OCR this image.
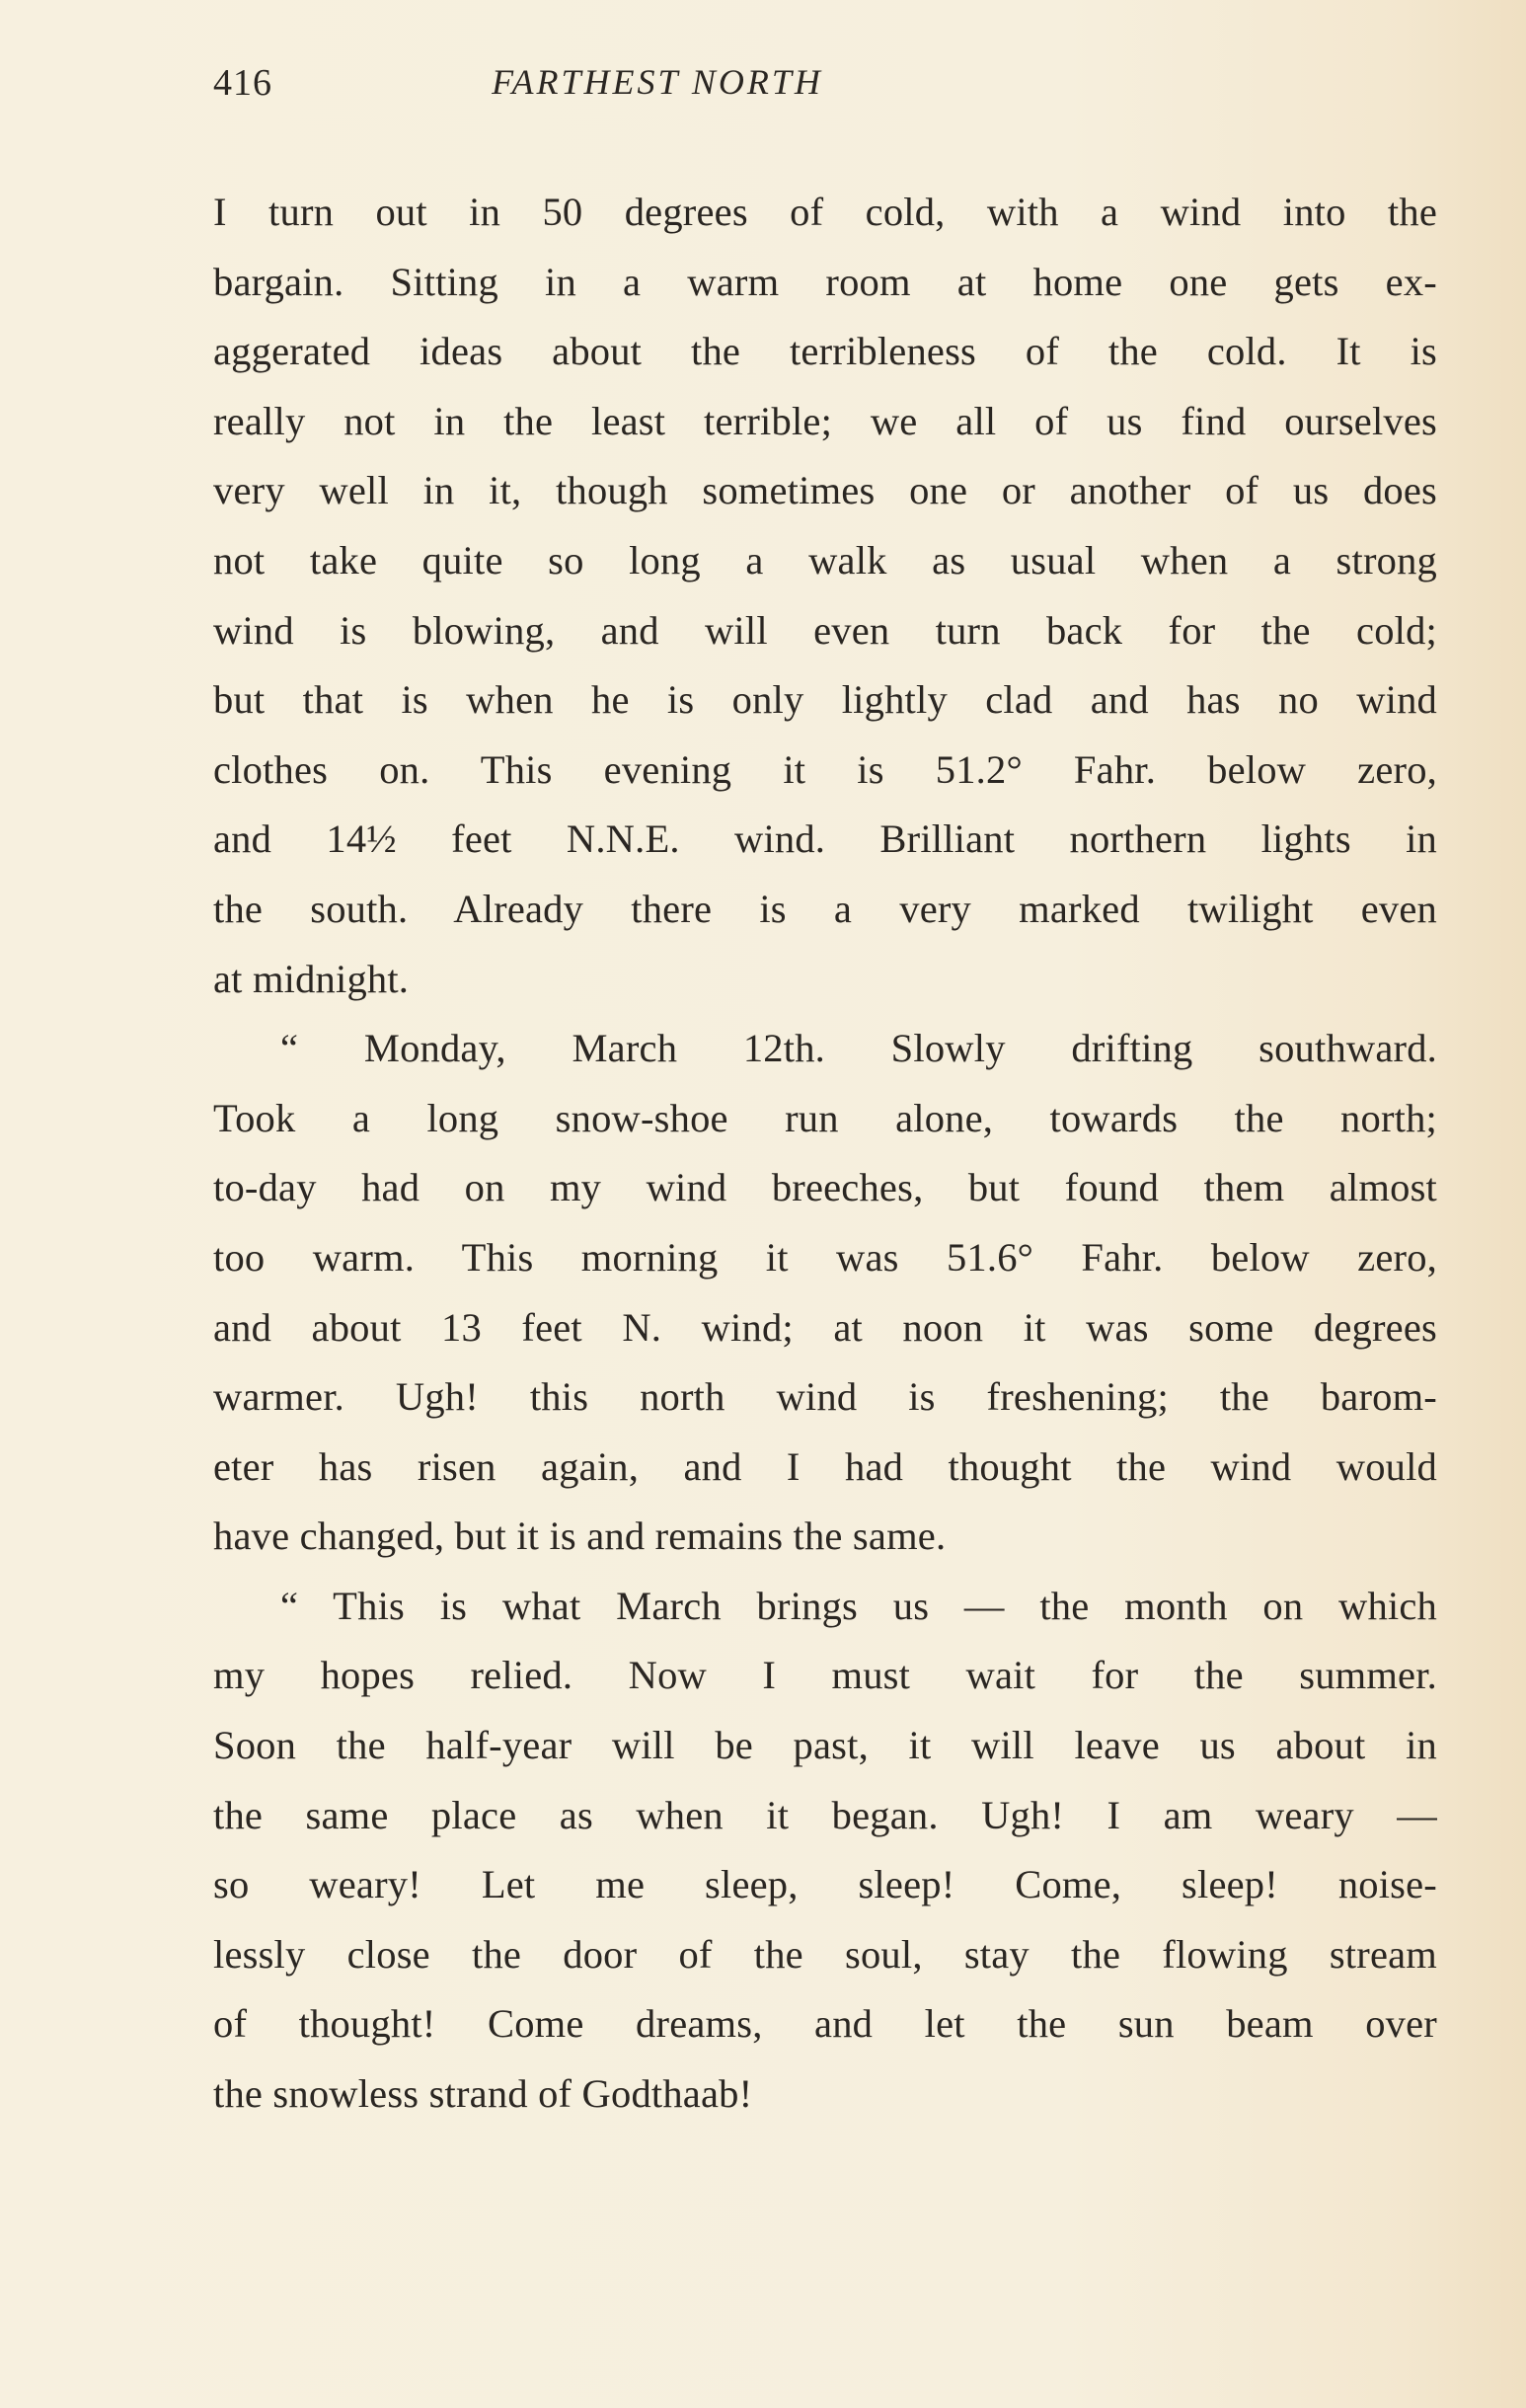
416	FARTHEST NORTH
I turn out in 50 degrees of cold, with a wind into the
bargain. Sitting in a warm room at home one gets ex-
aggerated ideas about the terribleness of the cold. It is
really not in the least terrible; we all of us find ourselves
very well in it, though sometimes one or another of us does
not take quite so long a walk as usual when a strong
wind is blowing, and will even turn back for the cold;
but that is when he is only lightly clad and has no wind
clothes on. This evening it is 51.2° Fahr. below zero,
and 14½ feet N.N.E. wind. Brilliant northern lights in
the south. Already there is a very marked twilight even
at midnight.
“ Monday, March 12th. Slowly drifting southward.
Took a long snow-shoe run alone, towards the north;
to-day had on my wind breeches, but found them almost
too warm. This morning it was 51.6° Fahr. below zero,
and about 13 feet N. wind; at noon it was some degrees
warmer. Ugh! this north wind is freshening; the barom-
eter has risen again, and I had thought the wind would
have changed, but it is and remains the same.
“ This is what March brings us — the month on which
my hopes relied. Now I must wait for the summer.
Soon the half-year will be past, it will leave us about in
the same place as when it began. Ugh! I am weary —
so weary! Let me sleep, sleep! Come, sleep! noise-
lessly close the door of the soul, stay the flowing stream
of thought! Come dreams, and let the sun beam over
the snowless strand of Godthaab!
